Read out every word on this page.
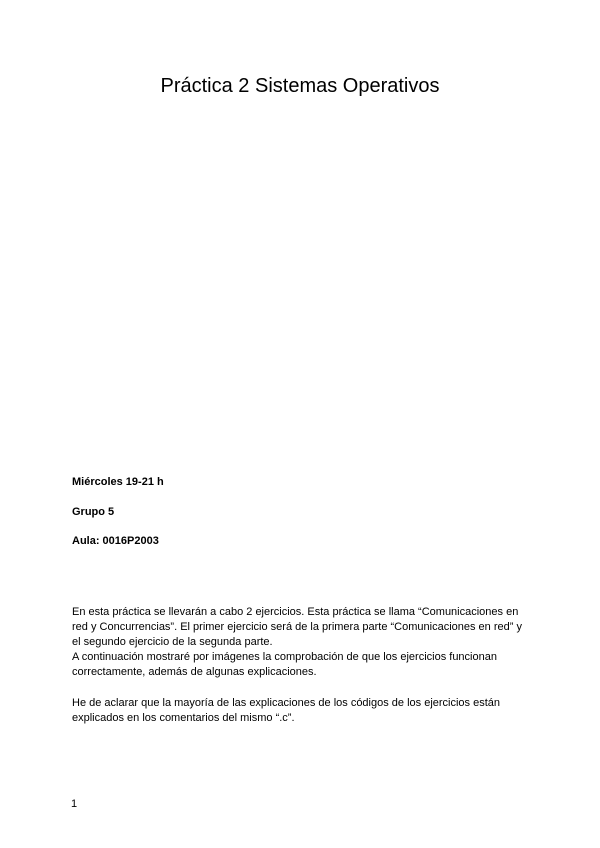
Práctica 2 Sistemas Operativos

Miércoles 19-21 h

Grupo 5

Aula: 0016P2003

En esta práctica se llevarán a cabo 2 ejercicios. Esta práctica se llama “Comunicaciones en
red y Concurrencias”. El primer ejercicio será de la primera parte “Comunicaciones en red” y
el segundo ejercicio de la segunda parte.
A continuación mostraré por imágenes la comprobación de que los ejercicios funcionan
correctamente, además de algunas explicaciones.

He de aclarar que la mayoría de las explicaciones de los códigos de los ejercicios están
explicados en los comentarios del mismo “.c”.

1
